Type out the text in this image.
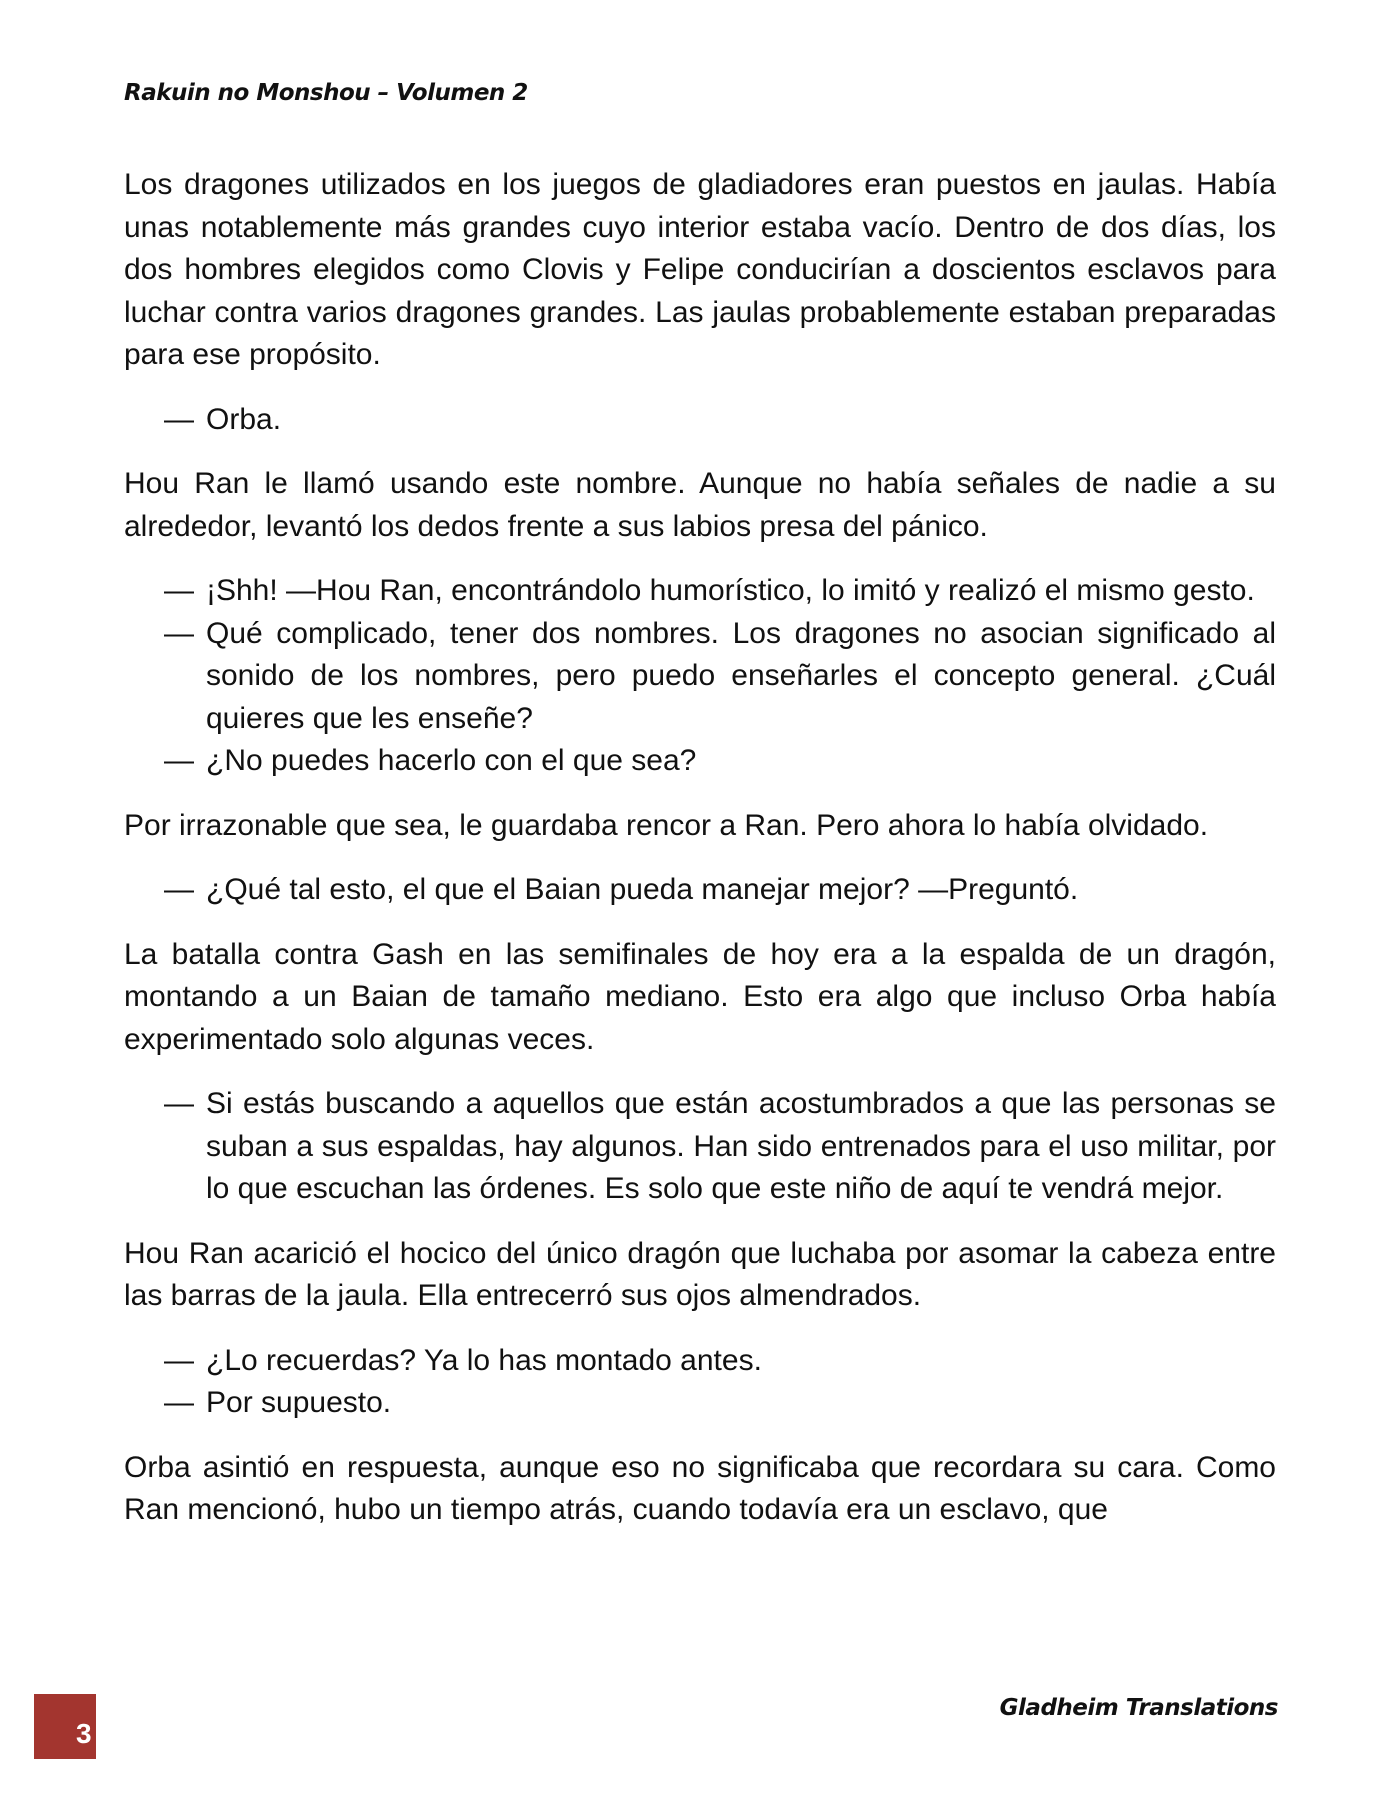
Rakuin no Monshou – Volumen 2

Los dragones utilizados en los juegos de gladiadores eran puestos en jaulas. Había unas notablemente más grandes cuyo interior estaba vacío. Dentro de dos días, los dos hombres elegidos como Clovis y Felipe conducirían a doscientos esclavos para luchar contra varios dragones grandes. Las jaulas probablemente estaban preparadas para ese propósito.

— Orba.

Hou Ran le llamó usando este nombre. Aunque no había señales de nadie a su alrededor, levantó los dedos frente a sus labios presa del pánico.

— ¡Shh! —Hou Ran, encontrándolo humorístico, lo imitó y realizó el mismo gesto.
— Qué complicado, tener dos nombres. Los dragones no asocian significado al sonido de los nombres, pero puedo enseñarles el concepto general. ¿Cuál quieres que les enseñe?
— ¿No puedes hacerlo con el que sea?

Por irrazonable que sea, le guardaba rencor a Ran. Pero ahora lo había olvidado.

— ¿Qué tal esto, el que el Baian pueda manejar mejor? —Preguntó.

La batalla contra Gash en las semifinales de hoy era a la espalda de un dragón, montando a un Baian de tamaño mediano. Esto era algo que incluso Orba había experimentado solo algunas veces.

— Si estás buscando a aquellos que están acostumbrados a que las personas se suban a sus espaldas, hay algunos. Han sido entrenados para el uso militar, por lo que escuchan las órdenes. Es solo que este niño de aquí te vendrá mejor.

Hou Ran acarició el hocico del único dragón que luchaba por asomar la cabeza entre las barras de la jaula. Ella entrecerró sus ojos almendrados.

— ¿Lo recuerdas? Ya lo has montado antes.
— Por supuesto.

Orba asintió en respuesta, aunque eso no significaba que recordara su cara. Como Ran mencionó, hubo un tiempo atrás, cuando todavía era un esclavo, que

3
Gladheim Translations
